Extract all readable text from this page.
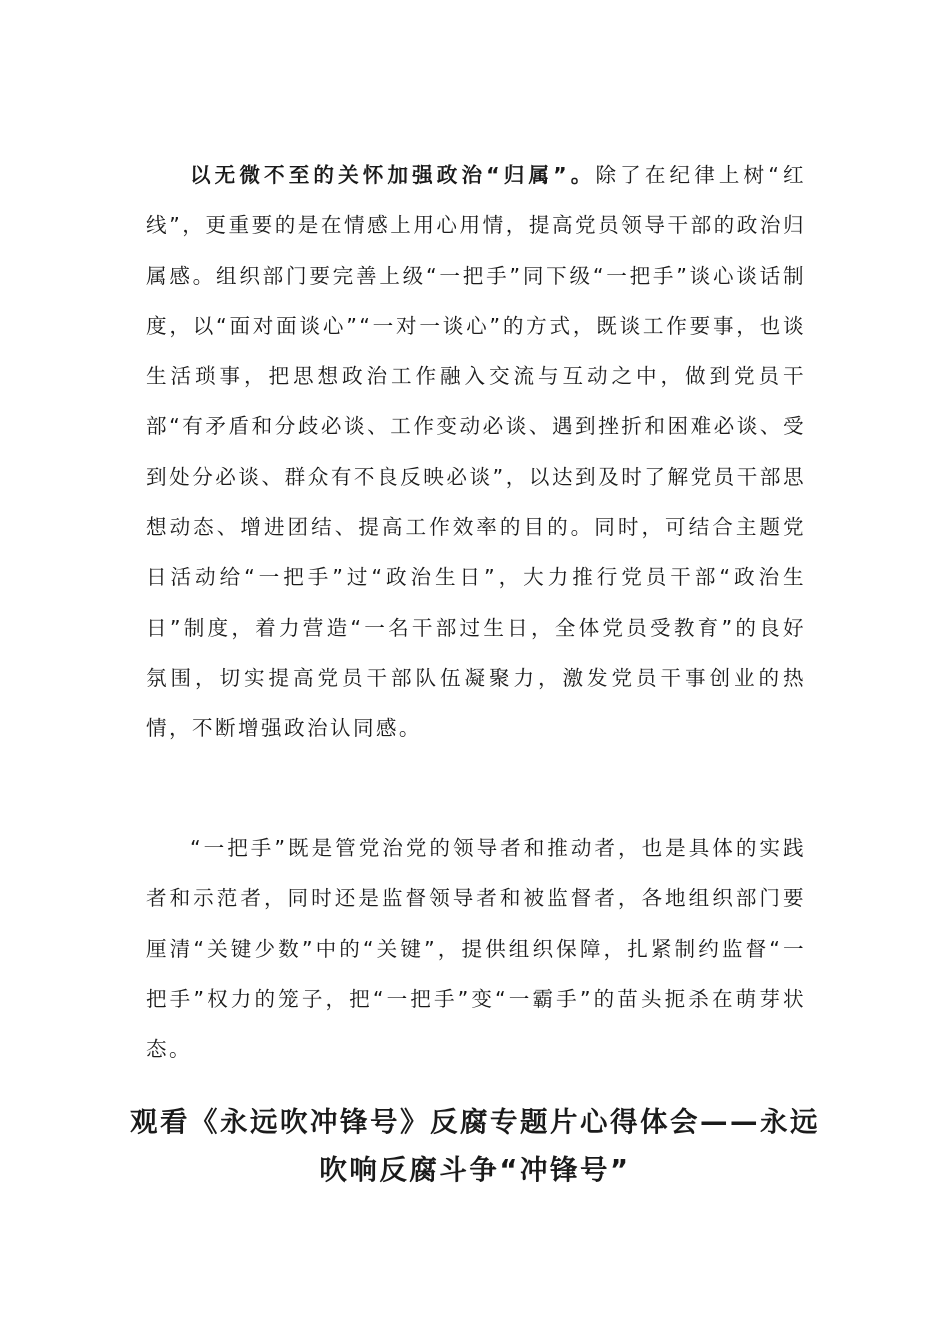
以无微不至的关怀加强政治“归属”。除了在纪律上树“红线”，更重要的是在情感上用心用情，提高党员领导干部的政治归属感。组织部门要完善上级“一把手”同下级“一把手”谈心谈话制度，以“面对面谈心”“一对一谈心”的方式，既谈工作要事，也谈生活琐事，把思想政治工作融入交流与互动之中，做到党员干部“有矛盾和分歧必谈、工作变动必谈、遇到挫折和困难必谈、受到处分必谈、群众有不良反映必谈”，以达到及时了解党员干部思想动态、增进团结、提高工作效率的目的。同时，可结合主题党日活动给“一把手”过“政治生日”，大力推行党员干部“政治生日”制度，着力营造“一名干部过生日，全体党员受教育”的良好氛围，切实提高党员干部队伍凝聚力，激发党员干事创业的热情，不断增强政治认同感。

“一把手”既是管党治党的领导者和推动者，也是具体的实践者和示范者，同时还是监督领导者和被监督者，各地组织部门要厘清“关键少数”中的“关键”，提供组织保障，扎紧制约监督“一把手”权力的笼子，把“一把手”变“一霸手”的苗头扼杀在萌芽状态。

观看《永远吹冲锋号》反腐专题片心得体会——永远
吹响反腐斗争“冲锋号”
